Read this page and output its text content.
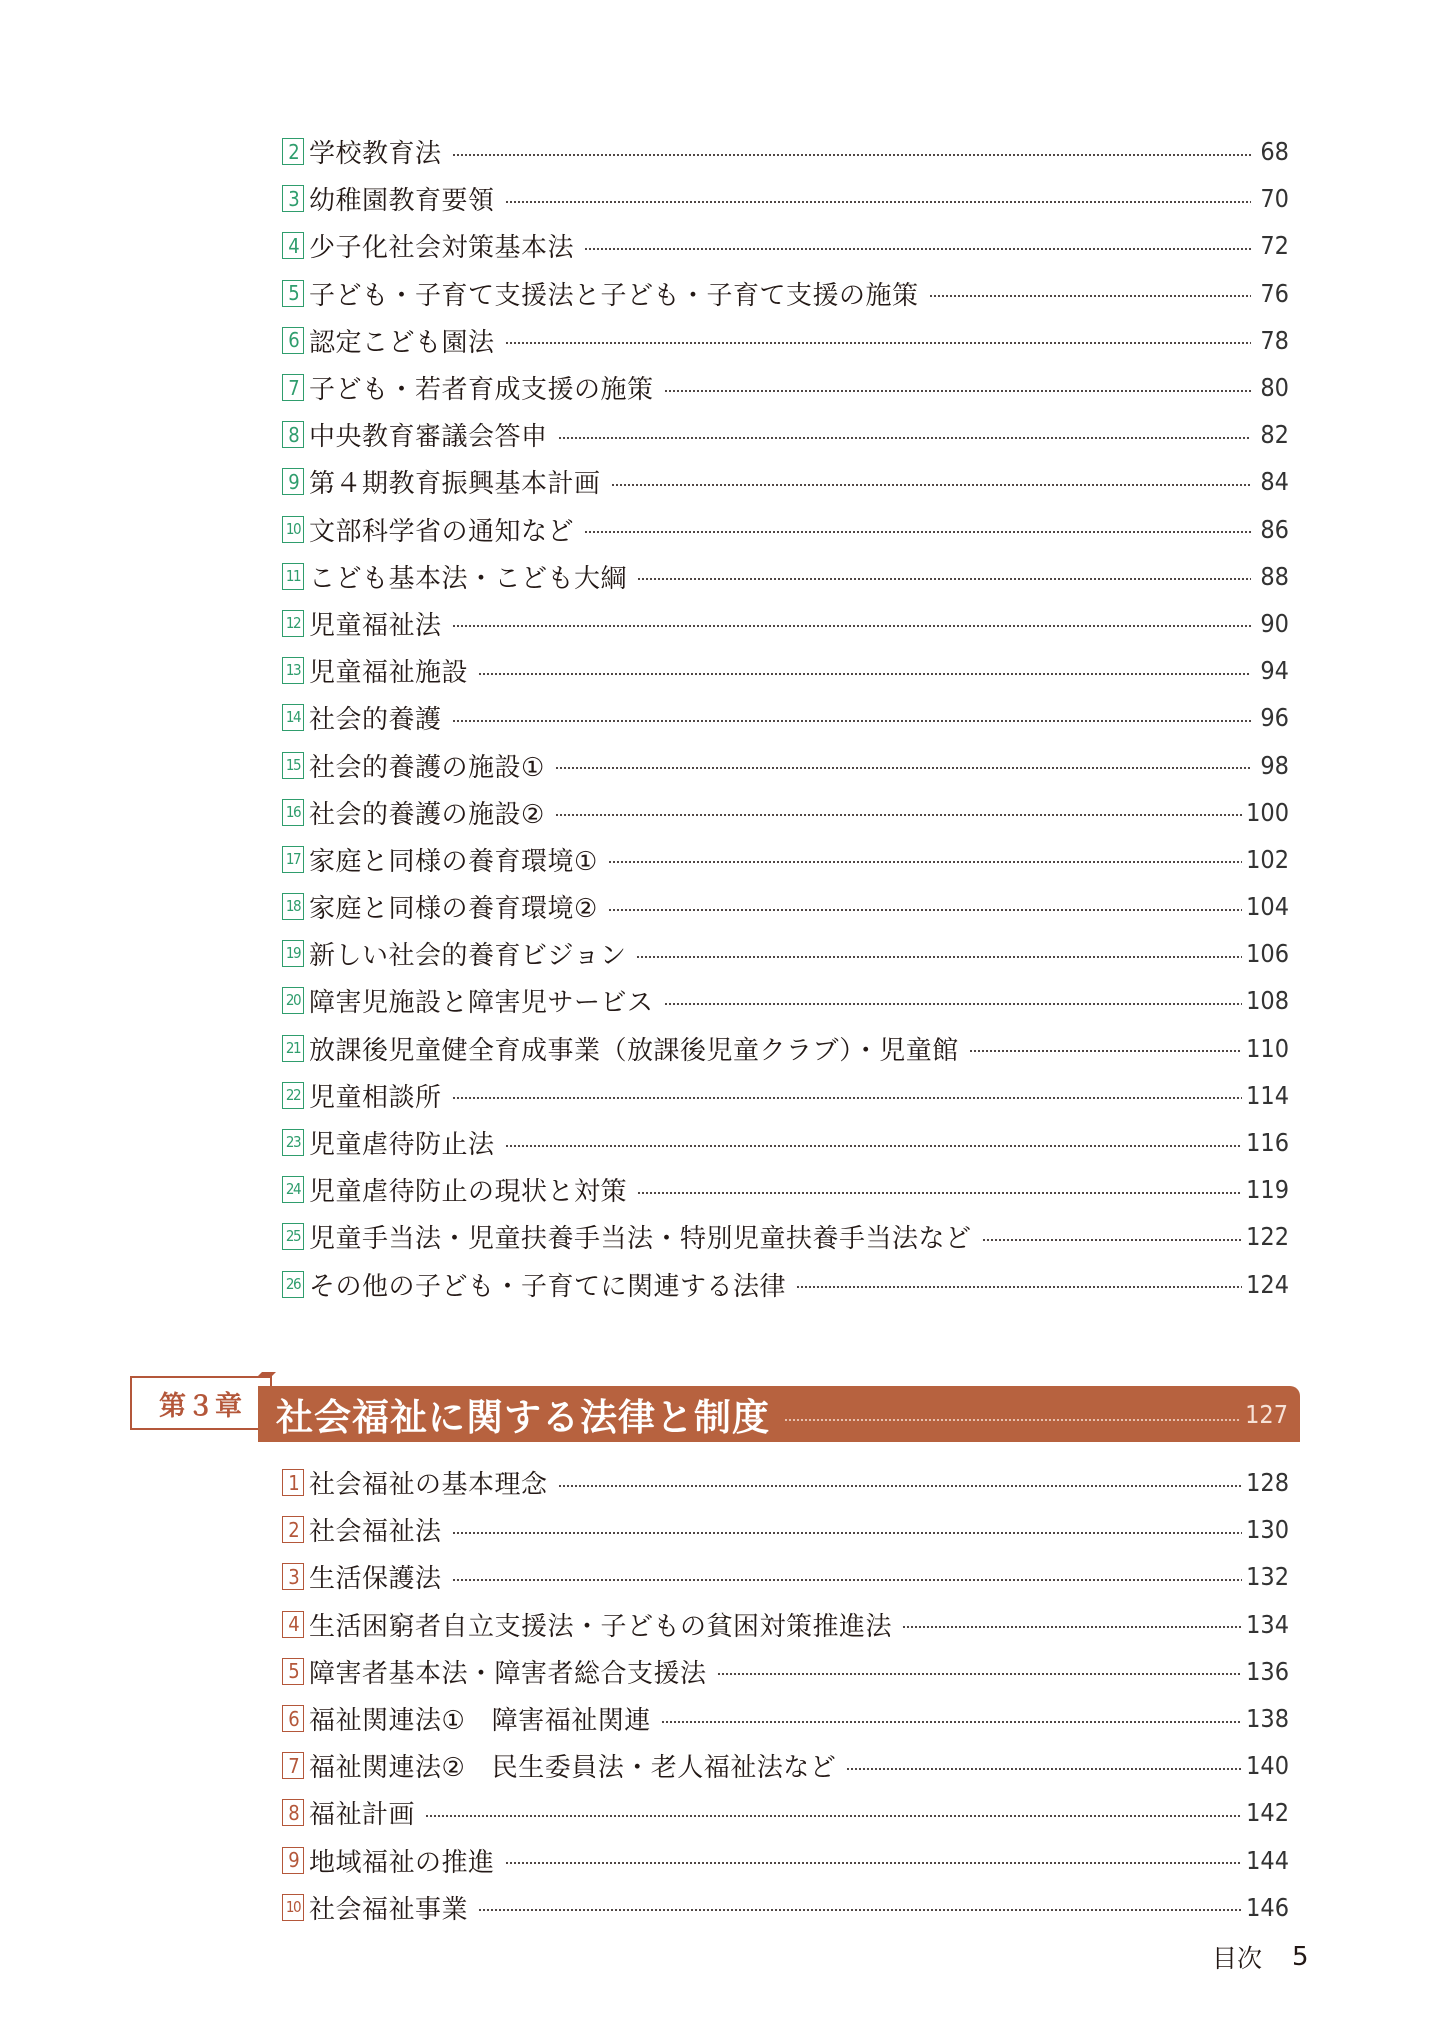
2 学校教育法	68
3 幼稚園教育要領	70
4 少子化社会対策基本法	72
5 子ども・子育て支援法と子ども・子育て支援の施策	76
6 認定こども園法	78
7 子ども・若者育成支援の施策	80
8 中央教育審議会答申	82
9 第４期教育振興基本計画	84
10 文部科学省の通知など	86
11 こども基本法・こども大綱	88
12 児童福祉法	90
13 児童福祉施設	94
14 社会的養護	96
15 社会的養護の施設①	98
16 社会的養護の施設②	100
17 家庭と同様の養育環境①	102
18 家庭と同様の養育環境②	104
19 新しい社会的養育ビジョン	106
20 障害児施設と障害児サービス	108
21 放課後児童健全育成事業（放課後児童クラブ）・児童館	110
22 児童相談所	114
23 児童虐待防止法	116
24 児童虐待防止の現状と対策	119
25 児童手当法・児童扶養手当法・特別児童扶養手当法など	122
26 その他の子ども・子育てに関連する法律	124
第３章 社会福祉に関する法律と制度	127
1 社会福祉の基本理念	128
2 社会福祉法	130
3 生活保護法	132
4 生活困窮者自立支援法・子どもの貧困対策推進法	134
5 障害者基本法・障害者総合支援法	136
6 福祉関連法①　障害福祉関連	138
7 福祉関連法②　民生委員法・老人福祉法など	140
8 福祉計画	142
9 地域福祉の推進	144
10 社会福祉事業	146
目次 5
